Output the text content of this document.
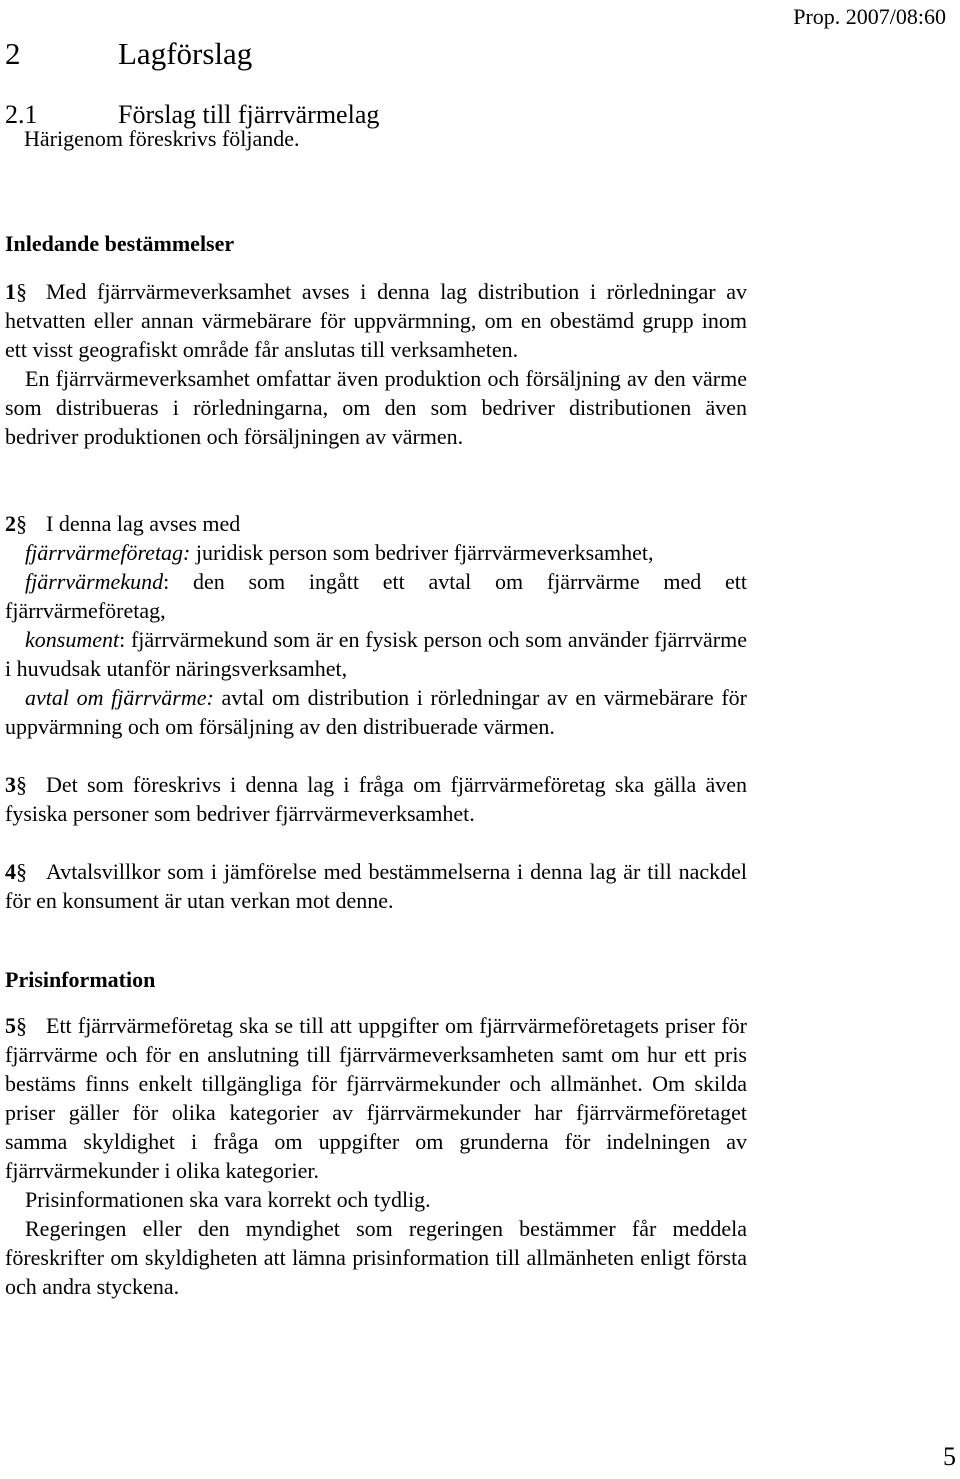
Prop. 2007/08:60
2	Lagförslag
2.1	Förslag till fjärrvärmelag
Härigenom föreskrivs följande.
Inledande bestämmelser

1§ Med fjärrvärmeverksamhet avses i denna lag distribution i rörledningar av hetvatten eller annan värmebärare för uppvärmning, om en obestämd grupp inom ett visst geografiskt område får anslutas till verksamheten.

En fjärrvärmeverksamhet omfattar även produktion och försäljning av den värme som distribueras i rörledningarna, om den som bedriver distributionen även bedriver produktionen och försäljningen av värmen.

2§ I denna lag avses med

fjärrvärmeföretag: juridisk person som bedriver fjärrvärmeverksamhet,

fjärrvärmekund: den som ingått ett avtal om fjärrvärme med ett fjärrvärmeföretag,

konsument: fjärrvärmekund som är en fysisk person och som använder fjärrvärme i huvudsak utanför näringsverksamhet,

avtal om fjärrvärme: avtal om distribution i rörledningar av en värmebärare för uppvärmning och om försäljning av den distribuerade värmen.

3§ Det som föreskrivs i denna lag i fråga om fjärrvärmeföretag ska gälla även fysiska personer som bedriver fjärrvärmeverksamhet.

4§ Avtalsvillkor som i jämförelse med bestämmelserna i denna lag är till nackdel för en konsument är utan verkan mot denne.

Prisinformation

5§ Ett fjärrvärmeföretag ska se till att uppgifter om fjärrvärmeföretagets priser för fjärrvärme och för en anslutning till fjärrvärmeverksamheten samt om hur ett pris bestäms finns enkelt tillgängliga för fjärrvärmekunder och allmänhet. Om skilda priser gäller för olika kategorier av fjärrvärmekunder har fjärrvärmeföretaget samma skyldighet i fråga om uppgifter om grunderna för indelningen av fjärrvärmekunder i olika kategorier.

Prisinformationen ska vara korrekt och tydlig.

Regeringen eller den myndighet som regeringen bestämmer får meddela föreskrifter om skyldigheten att lämna prisinformation till allmänheten enligt första och andra styckena.

5
